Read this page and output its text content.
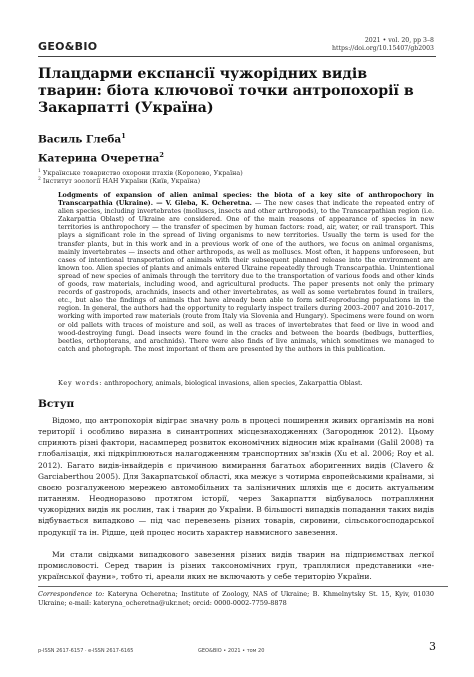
GEO&BIO	2021 • vol. 20, pp 3–8
https://doi.org/10.15407/gb2003
Плацдарми експансії чужорідних видів тварин: біота ключової точки антропохорії в Закарпатті (Україна)
Василь Глеба$^1$
Катерина Очеретна$^2$
$^1$ Українське товариство охорони птахів (Королево, Україна)
$^2$ Інститут зоології НАН України (Київ, Україна)
Lodgments of expansion of alien animal species: the biota of a key site of anthropochory in Transcarpathia (Ukraine). — V. Gleba, K. Ocheretna. — The new cases that indicate the repeated entry of alien species, including invertebrates (molluscs, insects and other arthropods), to the Transcarpathian region (i.e. Zakarpattia Oblast) of Ukraine are considered. One of the main reasons of appearance of species in new territories is anthropochory — the transfer of specimen by human factors: road, air, water, or rail transport. This plays a significant role in the spread of living organisms to new territories. Usually the term is used for the transfer plants, but in this work and in a previous work of one of the authors, we focus on animal organisms, mainly invertebrates — insects and other arthropods, as well as molluscs. Most often, it happens unforeseen, but cases of intentional transportation of animals with their subsequent planned release into the environment are known too. Alien species of plants and animals entered Ukraine repeatedly through Transcarpathia. Unintentional spread of new species of animals through the territory due to the transportation of various foods and other kinds of goods, raw materials, including wood, and agricultural products. The paper presents not only the primary records of gastropods, arachnids, insects and other invertebrates, as well as some vertebrates found in trailers, etc., but also the findings of animals that have already been able to form self-reproducing populations in the region. In general, the authors had the opportunity to regularly inspect trailers during 2003–2007 and 2010–2017, working with imported raw materials (route from Italy via Slovenia and Hungary). Specimens were found on worn or old pallets with traces of moisture and soil, as well as traces of invertebrates that feed or live in wood and wood-destroying fungi. Dead insects were found in the cracks and between the boards (bedbugs, butterflies, beetles, orthopterans, and arachnids). There were also finds of live animals, which sometimes we managed to catch and photograph. The most important of them are presented by the authors in this publication.
Key words: anthropochory, animals, biological invasions, alien species, Zakarpattia Oblast.
Вступ

Відомо, що антропохорія відіграє значну роль в процесі поширення живих організмів на нові території і особливо виразна в синантропних місцезнаходженнях (Загороднюк 2012). Цьому сприяють різні фактори, насамперед розвиток економічних відносин між країнами (Galil 2008) та глобалізація, які підкріплюються налагодженням транспортних зв'язків (Xu et al. 2006; Roy et al. 2012). Багато видів-інвайдерів є причиною вимирання багатьох аборигенних видів (Clavero & Garciaberthou 2005). Для Закарпатської області, яка межує з чотирма європейськими країнами, зі своєю розгалуженою мережею автомобільних та залізничних шляхів ще є досить актуальним питанням. Неодноразово протягом історії, через Закарпаття відбувалось потрапляння чужорідних видів як рослин, так і тварин до України. В більшості випадків попадання таких видів відбувається випадково — під час перевезень різних товарів, сировини, сільськогосподарської продукції та ін. Рідше, цей процес носить характер навмисного завезення.

Ми стали свідками випадкового завезення різних видів тварин на підприємствах легкої промисловості. Серед тварин із різних таксономічних груп, траплялися представники «не-української фауни», тобто ті, ареали яких не включають у себе територію України.

Correspondence to: Kateryna Ocheretna; Institute of Zoology, NAS of Ukraine; B. Khmelnytsky St. 15, Kyiv, 01030 Ukraine; e-mail: kateryna_ocheretna@ukr.net; orcid: 0000-0002-7759-8878
p-ISSN 2617-6157 · e-ISSN 2617-6165	GEO&BIO • 2021 • том 20	3
